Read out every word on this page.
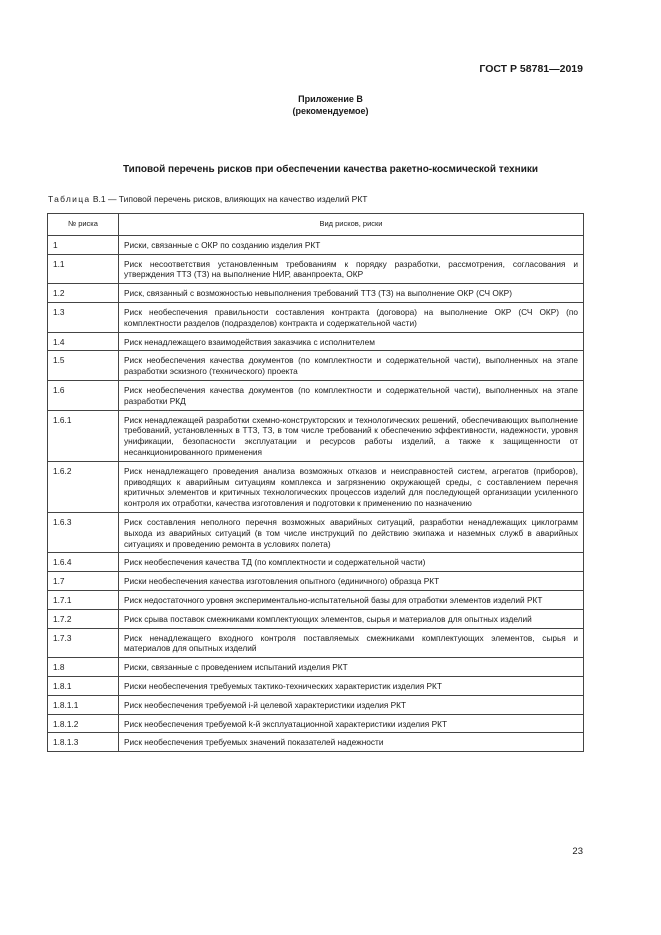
ГОСТ Р 58781—2019
Приложение В
(рекомендуемое)
Типовой перечень рисков при обеспечении качества ракетно-космической техники
Таблица В.1 — Типовой перечень рисков, влияющих на качество изделий РКТ
№ риска	Вид рисков, риски
1	Риски, связанные с ОКР по созданию изделия РКТ
1.1	Риск несоответствия установленным требованиям к порядку разработки, рассмотрения, согласования и утверждения ТТЗ (ТЗ) на выполнение НИР, аванпроекта, ОКР
1.2	Риск, связанный с возможностью невыполнения требований ТТЗ (ТЗ) на выполнение ОКР (СЧ ОКР)
1.3	Риск необеспечения правильности составления контракта (договора) на выполнение ОКР (СЧ ОКР) (по комплектности разделов (подразделов) контракта и содержательной части)
1.4	Риск ненадлежащего взаимодействия заказчика с исполнителем
1.5	Риск необеспечения качества документов (по комплектности и содержательной части), выполненных на этапе разработки эскизного (технического) проекта
1.6	Риск необеспечения качества документов (по комплектности и содержательной части), выполненных на этапе разработки РКД
1.6.1	Риск ненадлежащей разработки схемно-конструкторских и технологических решений, обеспечивающих выполнение требований, установленных в ТТЗ, ТЗ, в том числе требований к обеспечению эффективности, надежности, уровня унификации, безопасности эксплуатации и ресурсов работы изделий, а также к защищенности от несанкционированного применения
1.6.2	Риск ненадлежащего проведения анализа возможных отказов и неисправностей систем, агрегатов (приборов), приводящих к аварийным ситуациям комплекса и загрязнению окружающей среды, с составлением перечня критичных элементов и критичных технологических процессов изделий для последующей организации усиленного контроля их отработки, качества изготовления и подготовки к применению по назначению
1.6.3	Риск составления неполного перечня возможных аварийных ситуаций, разработки ненадлежащих циклограмм выхода из аварийных ситуаций (в том числе инструкций по действию экипажа и наземных служб в аварийных ситуациях и проведению ремонта в условиях полета)
1.6.4	Риск необеспечения качества ТД (по комплектности и содержательной части)
1.7	Риски необеспечения качества изготовления опытного (единичного) образца РКТ
1.7.1	Риск недостаточного уровня экспериментально-испытательной базы для отработки элементов изделий РКТ
1.7.2	Риск срыва поставок смежниками комплектующих элементов, сырья и материалов для опытных изделий
1.7.3	Риск ненадлежащего входного контроля поставляемых смежниками комплектующих элементов, сырья и материалов для опытных изделий
1.8	Риски, связанные с проведением испытаний изделия РКТ
1.8.1	Риски необеспечения требуемых тактико-технических характеристик изделия РКТ
1.8.1.1	Риск необеспечения требуемой i-й целевой характеристики изделия РКТ
1.8.1.2	Риск необеспечения требуемой k-й эксплуатационной характеристики изделия РКТ
1.8.1.3	Риск необеспечения требуемых значений показателей надежности
23
